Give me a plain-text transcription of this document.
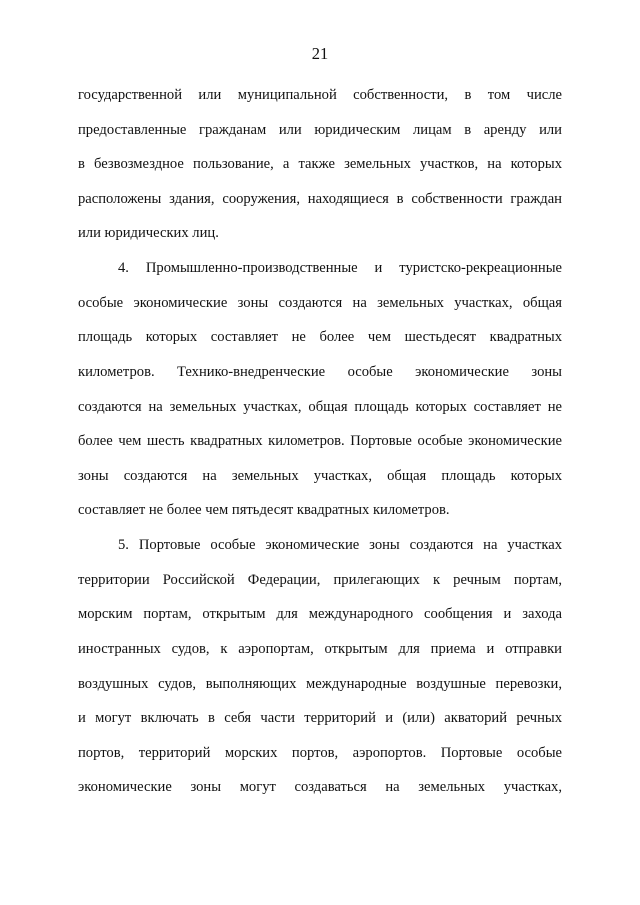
21
государственной или муниципальной собственности, в том числе
предоставленные гражданам или юридическим лицам в аренду или
в безвозмездное пользование, а также земельных участков, на которых
расположены здания, сооружения, находящиеся в собственности граждан
или юридических лиц.
4. Промышленно-производственные и туристско-рекреационные
особые экономические зоны создаются на земельных участках, общая
площадь которых составляет не более чем шестьдесят квадратных
километров. Технико-внедренческие особые экономические зоны
создаются на земельных участках, общая площадь которых составляет не
более чем шесть квадратных километров. Портовые особые экономические
зоны создаются на земельных участках, общая площадь которых
составляет не более чем пятьдесят квадратных километров.
5. Портовые особые экономические зоны создаются на участках
территории Российской Федерации, прилегающих к речным портам,
морским портам, открытым для международного сообщения и захода
иностранных судов, к аэропортам, открытым для приема и отправки
воздушных судов, выполняющих международные воздушные перевозки,
и могут включать в себя части территорий и (или) акваторий речных
портов, территорий морских портов, аэропортов. Портовые особые
экономические зоны могут создаваться на земельных участках,
